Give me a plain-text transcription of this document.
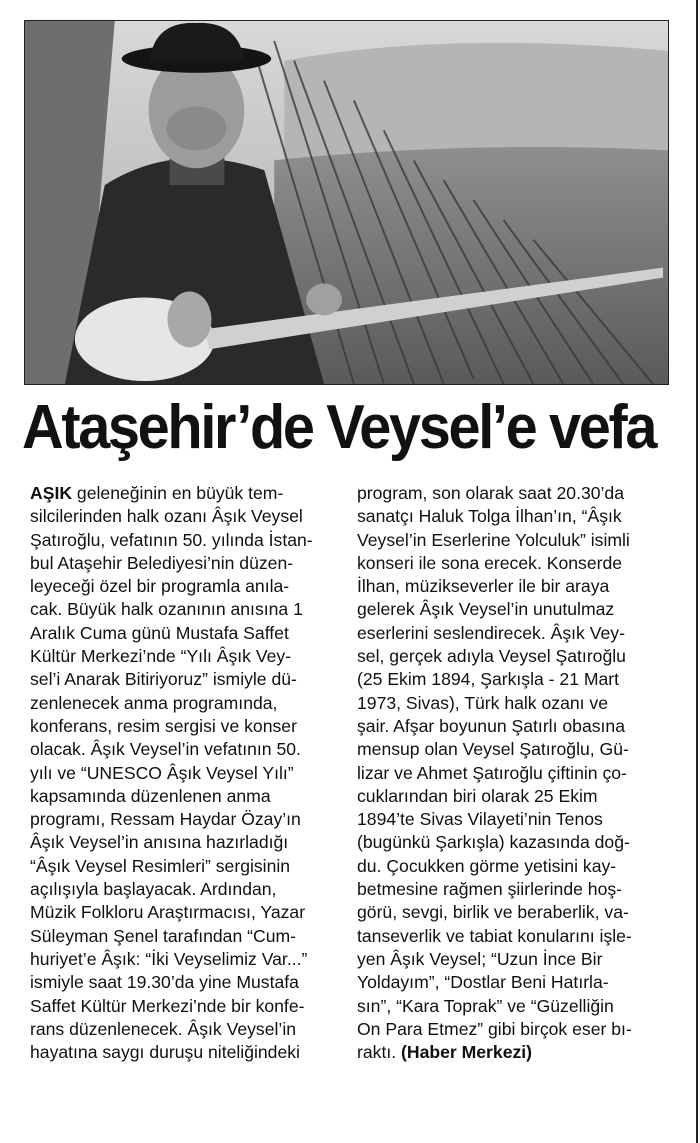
Ataşehir’de Veysel’e vefa
AŞIK geleneğinin en büyük tem-
silcilerinden halk ozanı Âşık Veysel
Şatıroğlu, vefatının 50. yılında İstan-
bul Ataşehir Belediyesi’nin düzen-
leyeceği özel bir programla anıla-
cak. Büyük halk ozanının anısına 1
Aralık Cuma günü Mustafa Saffet
Kültür Merkezi’nde “Yılı Âşık Vey-
sel’i Anarak Bitiriyoruz” ismiyle dü-
zenlenecek anma programında,
konferans, resim sergisi ve konser
olacak. Âşık Veysel’in vefatının 50.
yılı ve “UNESCO Âşık Veysel Yılı”
kapsamında düzenlenen anma
programı, Ressam Haydar Özay’ın
Âşık Veysel’in anısına hazırladığı
“Âşık Veysel Resimleri” sergisinin
açılışıyla başlayacak. Ardından,
Müzik Folkloru Araştırmacısı, Yazar
Süleyman Şenel tarafından “Cum-
huriyet’e Âşık: “İki Veyselimiz Var...”
ismiyle saat 19.30’da yine Mustafa
Saffet Kültür Merkezi’nde bir konfe-
rans düzenlenecek. Âşık Veysel’in
hayatına saygı duruşu niteliğindeki
program, son olarak saat 20.30’da
sanatçı Haluk Tolga İlhan’ın, “Âşık
Veysel’in Eserlerine Yolculuk” isimli
konseri ile sona erecek. Konserde
İlhan, müzikseverler ile bir araya
gelerek Âşık Veysel’in unutulmaz
eserlerini seslendirecek. Âşık Vey-
sel, gerçek adıyla Veysel Şatıroğlu
(25 Ekim 1894, Şarkışla - 21 Mart
1973, Sivas), Türk halk ozanı ve
şair. Afşar boyunun Şatırlı obasına
mensup olan Veysel Şatıroğlu, Gü-
lizar ve Ahmet Şatıroğlu çiftinin ço-
cuklarından biri olarak 25 Ekim
1894’te Sivas Vilayeti’nin Tenos
(bugünkü Şarkışla) kazasında doğ-
du. Çocukken görme yetisini kay-
betmesine rağmen şiirlerinde hoş-
görü, sevgi, birlik ve beraberlik, va-
tanseverlik ve tabiat konularını işle-
yen Âşık Veysel; “Uzun İnce Bir
Yoldayım”, “Dostlar Beni Hatırla-
sın”, “Kara Toprak” ve “Güzelliğin
On Para Etmez” gibi birçok eser bı-
raktı. (Haber Merkezi)
